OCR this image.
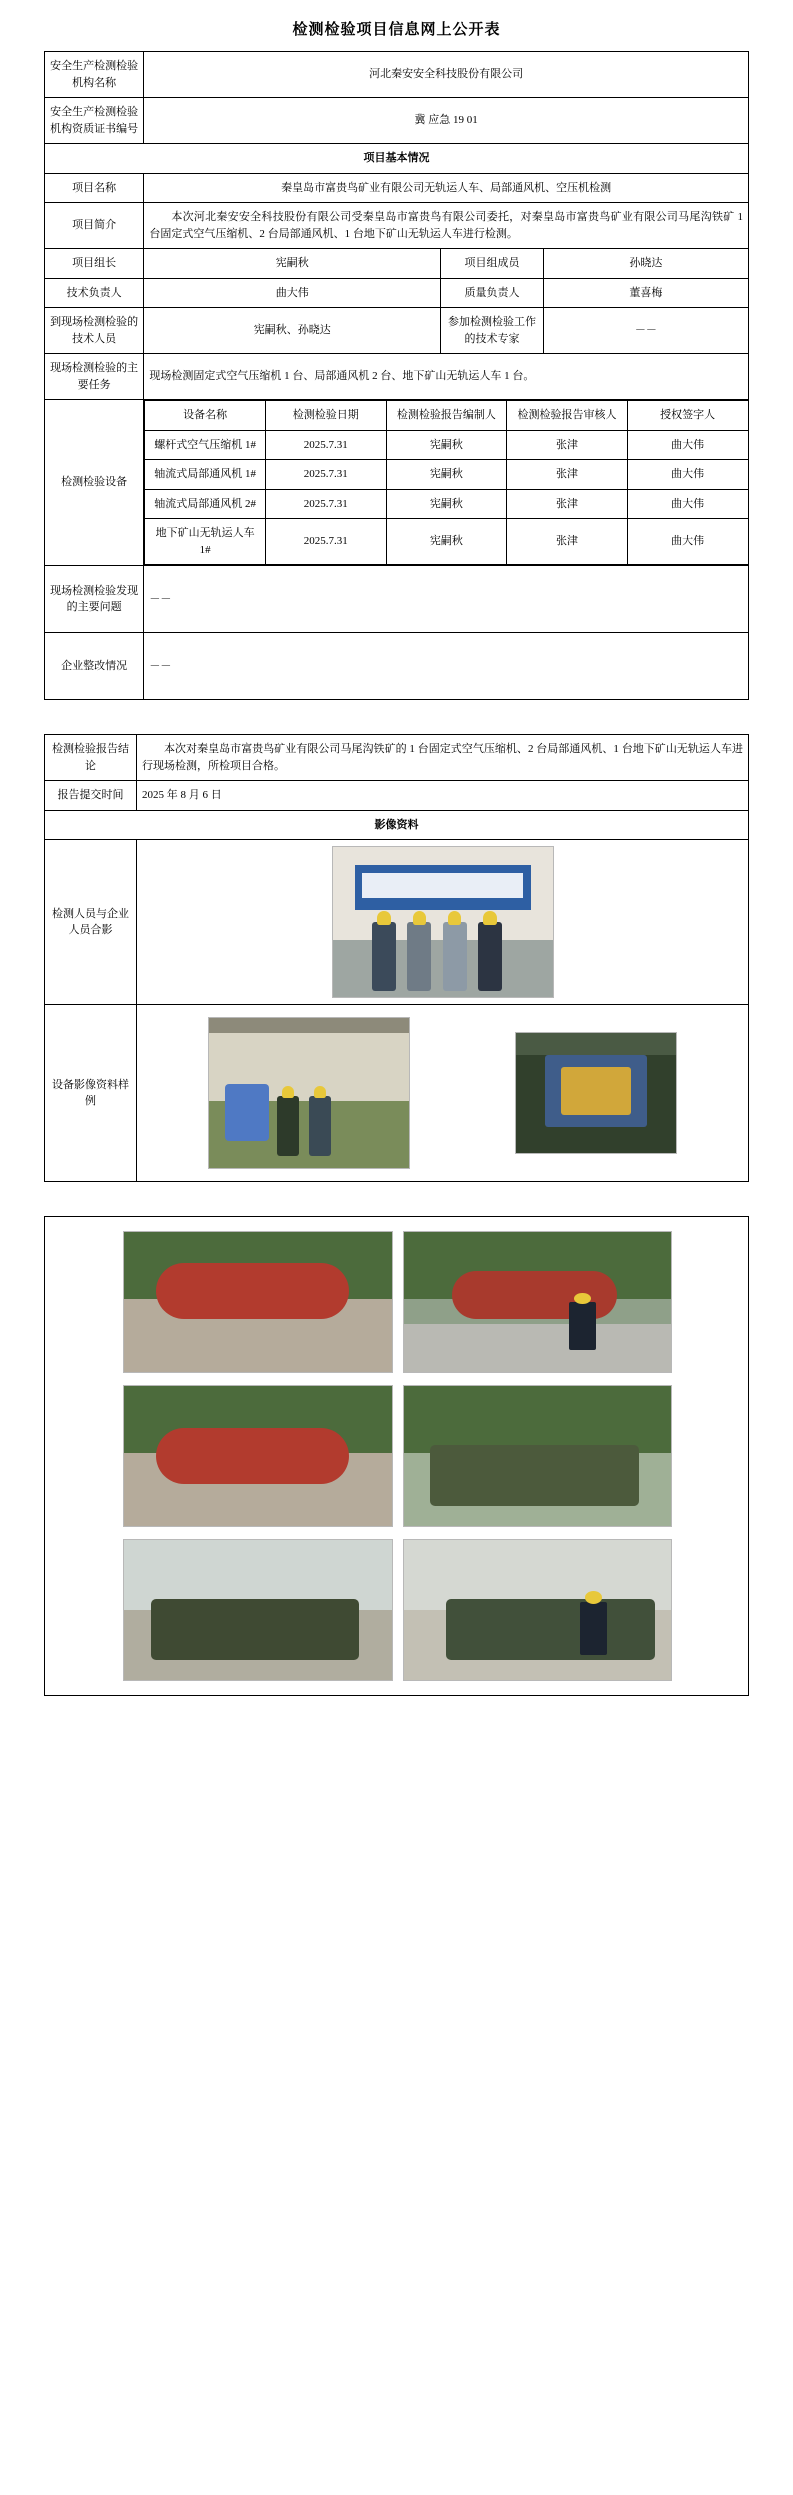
检测检验项目信息网上公开表
安全生产检测检验机构名称	河北秦安安全科技股份有限公司
安全生产检测检验机构资质证书编号	冀 应急 19 01
项目基本情况
项目名称	秦皇岛市富贵鸟矿业有限公司无轨运人车、局部通风机、空压机检测
项目简介	本次河北秦安安全科技股份有限公司受秦皇岛市富贵鸟有限公司委托，对秦皇岛市富贵鸟矿业有限公司马尾沟铁矿 1 台固定式空气压缩机、2 台局部通风机、1 台地下矿山无轨运人车进行检测。
项目组长	宪嗣秋	项目组成员	孙晓达
技术负责人	曲大伟	质量负责人	董喜梅
到现场检测检验的技术人员	宪嗣秋、孙晓达	参加检测检验工作的技术专家	－－
现场检测检验的主要任务	现场检测固定式空气压缩机 1 台、局部通风机 2 台、地下矿山无轨运人车 1 台。
检测检验设备	
设备名称	检测检验日期	检测检验报告编制人	检测检验报告审核人	授权签字人
螺杆式空气压缩机 1#	2025.7.31	宪嗣秋	张津	曲大伟
轴流式局部通风机 1#	2025.7.31	宪嗣秋	张津	曲大伟
轴流式局部通风机 2#	2025.7.31	宪嗣秋	张津	曲大伟
地下矿山无轨运人车 1#	2025.7.31	宪嗣秋	张津	曲大伟

现场检测检验发现的主要问题	－－
企业整改情况	－－
检测检验报告结论	本次对秦皇岛市富贵鸟矿业有限公司马尾沟铁矿的 1 台固定式空气压缩机、2 台局部通风机、1 台地下矿山无轨运人车进行现场检测，所检项目合格。
报告提交时间	2025 年 8 月 6 日
影像资料	
检测人员与企业人员合影	

设备影像资料样例	
